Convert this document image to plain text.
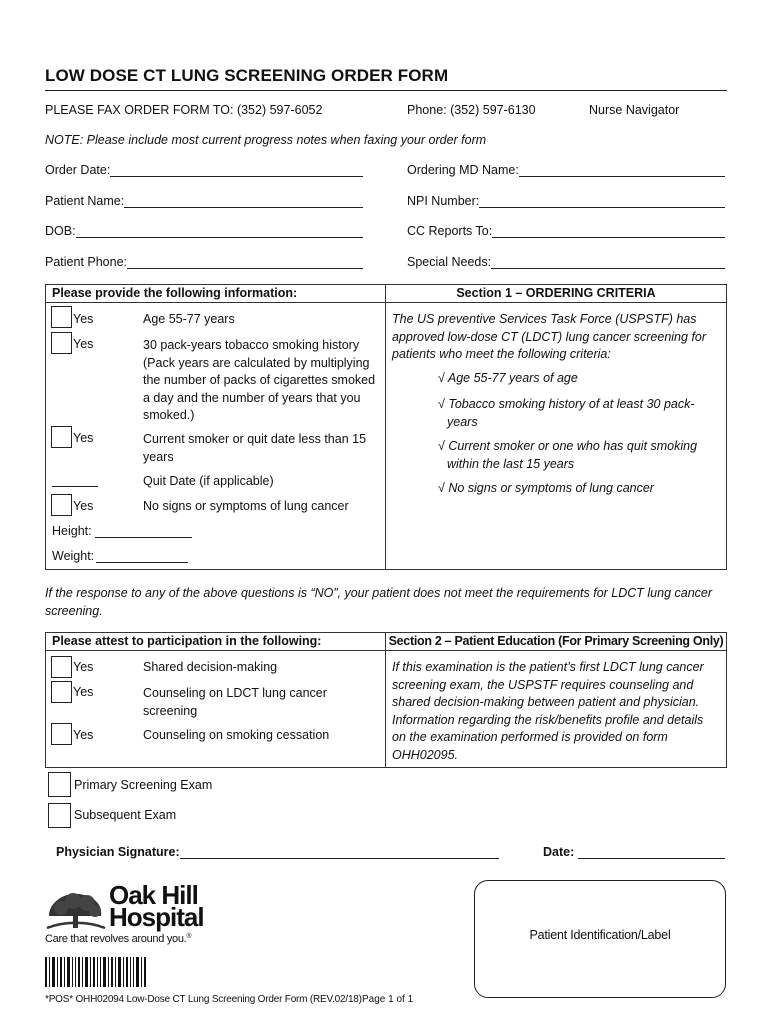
LOW DOSE CT LUNG SCREENING ORDER FORM
PLEASE FAX ORDER FORM TO: (352) 597-6052	Phone: (352) 597-6130	Nurse Navigator
NOTE: Please include most current progress notes when faxing your order form
Order Date:
Patient Name:
DOB:
Patient Phone:
Ordering MD Name:
NPI Number:
CC Reports To:
Special Needs:
Please provide the following information:	Section 1 – ORDERING CRITERIA
Yes	Age 55-77 years
Yes	30 pack-years tobacco smoking history (Pack years are calculated by multiplying the number of packs of cigarettes smoked a day and the number of years that you smoked.)
Yes	Current smoker or quit date less than 15 years
Quit Date (if applicable)
Yes	No signs or symptoms of lung cancer
Height:
Weight:
The US preventive Services Task Force (USPSTF) has approved low-dose CT (LDCT) lung cancer screening for patients who meet the following criteria:
√ Age 55-77 years of age
√ Tobacco smoking history of at least 30 pack-years
√ Current smoker or one who has quit smoking within the last 15 years
√ No signs or symptoms of lung cancer
If the response to any of the above questions is “NO”, your patient does not meet the requirements for LDCT lung cancer screening.
Please attest to participation in the following:	Section 2 – Patient Education (For Primary Screening Only)
Yes	Shared decision-making
Yes	Counseling on LDCT lung cancer screening
Yes	Counseling on smoking cessation
If this examination is the patient’s first LDCT lung cancer screening exam, the USPSTF requires counseling and shared decision-making between patient and physician. Information regarding the risk/benefits profile and details on the examination performed is provided on form OHH02095.
Primary Screening Exam
Subsequent Exam
Physician Signature:	Date:
Oak Hill
Hospital
Care that revolves around you.®
*POS* OHH02094 Low-Dose CT Lung Screening Order Form (REV.02/18) Page 1 of 1
Patient Identification/Label
